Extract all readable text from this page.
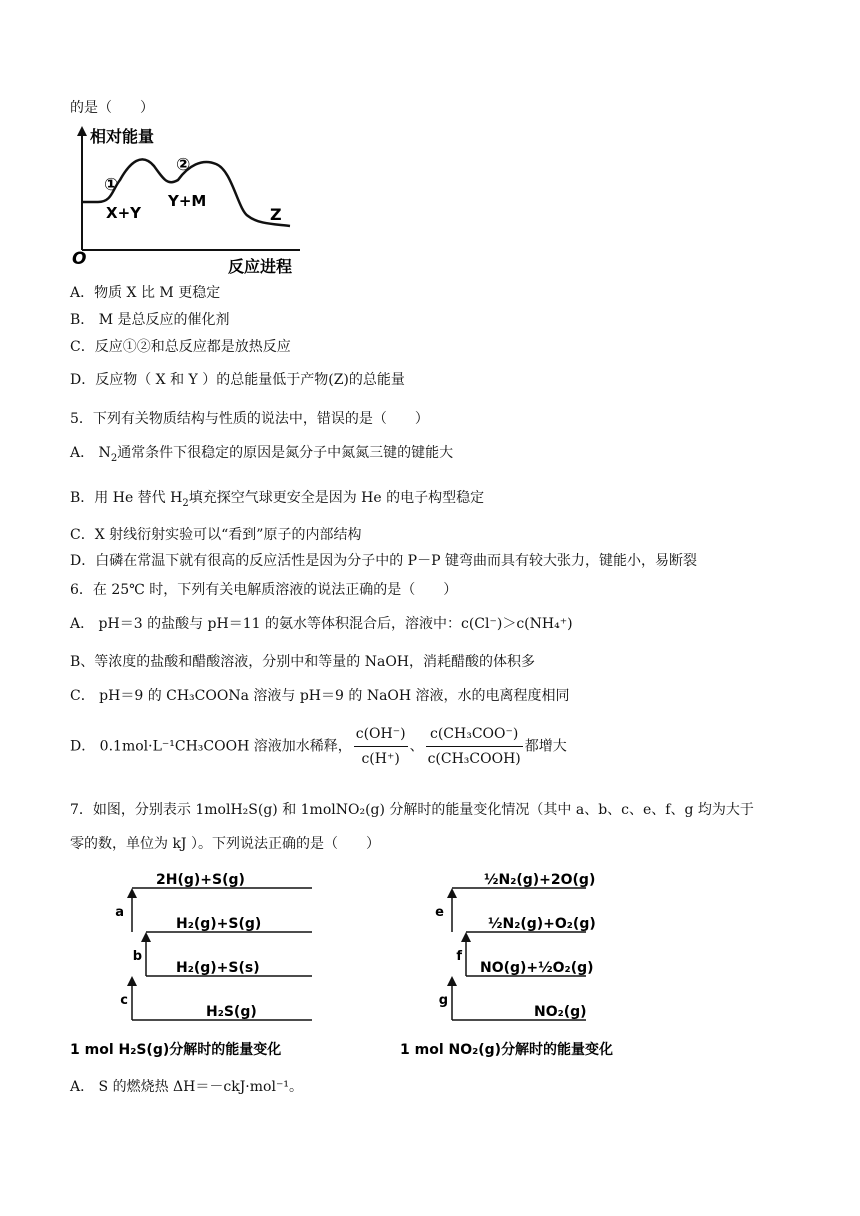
的是（　　）
相对能量
反应进程
O
①
②
X+Y
Y+M
Z
A．物质 X 比 M 更稳定
B． M 是总反应的催化剂
C．反应①②和总反应都是放热反应
D．反应物（ X 和 Y ）的总能量低于产物(Z)的总能量
5．下列有关物质结构与性质的说法中，错误的是（　　）
A． $N_2$通常条件下很稳定的原因是氮分子中氮氮三键的键能大
B．用 He 替代 $H_2$填充探空气球更安全是因为 He 的电子构型稳定
C．X 射线衍射实验可以“看到”原子的内部结构
D．白磷在常温下就有很高的反应活性是因为分子中的 P－P 键弯曲而具有较大张力，键能小，易断裂
6．在 25℃ 时，下列有关电解质溶液的说法正确的是（　　）
A． pH＝3 的盐酸与 pH＝11 的氨水等体积混合后，溶液中：c(Cl⁻)＞c(NH₄⁺)
B、等浓度的盐酸和醋酸溶液，分别中和等量的 NaOH，消耗醋酸的体积多
C． pH＝9 的 CH₃COONa 溶液与 pH＝9 的 NaOH 溶液，水的电离程度相同
D． 0.1mol·L⁻¹CH₃COOH 溶液加水稀释， $\frac{c(OH^-)}{c(H^+)}$ 、 $\frac{\text{c(CH₃COO⁻)}}{\text{c(CH₃COOH)}}$ 都增大
7．如图，分别表示 1molH₂S(g) 和 1molNO₂(g) 分解时的能量变化情况（其中 a、b、c、e、f、g 均为大于
零的数，单位为 kJ ）。下列说法正确的是（　　）
2H(g)+S(g)
H₂(g)+S(g)
H₂(g)+S(s)
H₂S(g)
a
b
c
1 mol H₂S(g)分解时的能量变化
½N₂(g)+2O(g)
½N₂(g)+O₂(g)
NO(g)+½O₂(g)
NO₂(g)
e
f
g
1 mol NO₂(g)分解时的能量变化
A． S 的燃烧热 ΔH＝－ckJ·mol⁻¹。
